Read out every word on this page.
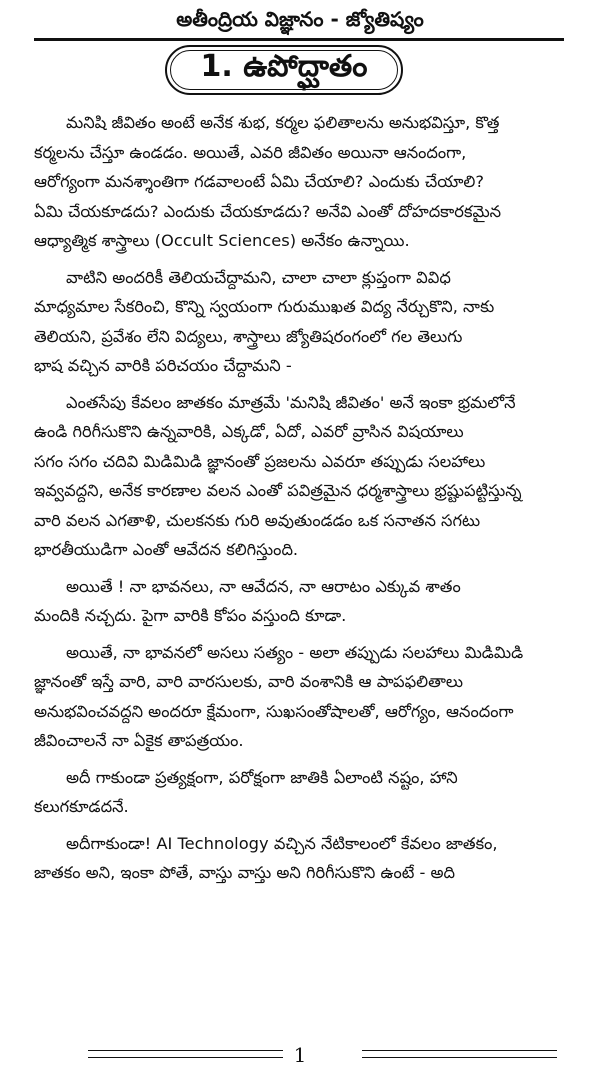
అతీంద్రియ విజ్ఞానం - జ్యోతిష్యం
1. ఉపోద్ఘాతం
మనిషి జీవితం అంటే అనేక శుభ, కర్మల ఫలితాలను అనుభవిస్తూ, కొత్త
కర్మలను చేస్తూ ఉండడం. అయితే, ఎవరి జీవితం అయినా ఆనందంగా,
ఆరోగ్యంగా మనశ్శాంతిగా గడవాలంటే ఏమి చేయాలి? ఎందుకు చేయాలి?
ఏమి చేయకూడదు? ఎందుకు చేయకూడదు? అనేవి ఎంతో దోహదకారకమైన
ఆధ్యాత్మిక శాస్త్రాలు (Occult Sciences) అనేకం ఉన్నాయి.
వాటిని అందరికీ తెలియచేద్దామని, చాలా చాలా క్లుప్తంగా వివిధ
మాధ్యమాల సేకరించి, కొన్ని స్వయంగా గురుముఖత విద్య నేర్చుకొని, నాకు
తెలియని, ప్రవేశం లేని విద్యలు, శాస్త్రాలు జ్యోతిషరంగంలో గల తెలుగు
భాష వచ్చిన వారికి పరిచయం చేద్దామని -
ఎంతసేపు కేవలం జాతకం మాత్రమే 'మనిషి జీవితం' అనే ఇంకా భ్రమలోనే
ఉండి గిరిగీసుకొని ఉన్నవారికి, ఎక్కడో, ఏదో, ఎవరో వ్రాసిన విషయాలు
సగం సగం చదివి మిడిమిడి జ్ఞానంతో ప్రజలను ఎవరూ తప్పుడు సలహాలు
ఇవ్వవద్దని, అనేక కారణాల వలన ఎంతో పవిత్రమైన ధర్మశాస్త్రాలు భ్రష్టుపట్టిస్తున్న
వారి వలన ఎగతాళి, చులకనకు గురి అవుతుండడం ఒక సనాతన సగటు
భారతీయుడిగా ఎంతో ఆవేదన కలిగిస్తుంది.
అయితే ! నా భావనలు, నా ఆవేదన, నా ఆరాటం ఎక్కువ శాతం
మందికి నచ్చదు. పైగా వారికి కోపం వస్తుంది కూడా.
అయితే, నా భావనలో అసలు సత్యం - అలా తప్పుడు సలహాలు మిడిమిడి
జ్ఞానంతో ఇస్తే వారి, వారి వారసులకు, వారి వంశానికి ఆ పాపఫలితాలు
అనుభవించవద్దని అందరూ క్షేమంగా, సుఖసంతోషాలతో, ఆరోగ్యం, ఆనందంగా
జీవించాలనే నా ఏకైక తాపత్రయం.
అదీ గాకుండా ప్రత్యక్షంగా, పరోక్షంగా జాతికి ఏలాంటి నష్టం, హాని
కలుగకూడదనే.
అదీగాకుండా! AI Technology వచ్చిన నేటికాలంలో కేవలం జాతకం,
జాతకం అని, ఇంకా పోతే, వాస్తు వాస్తు అని గిరిగీసుకొని ఉంటే - అది
1
